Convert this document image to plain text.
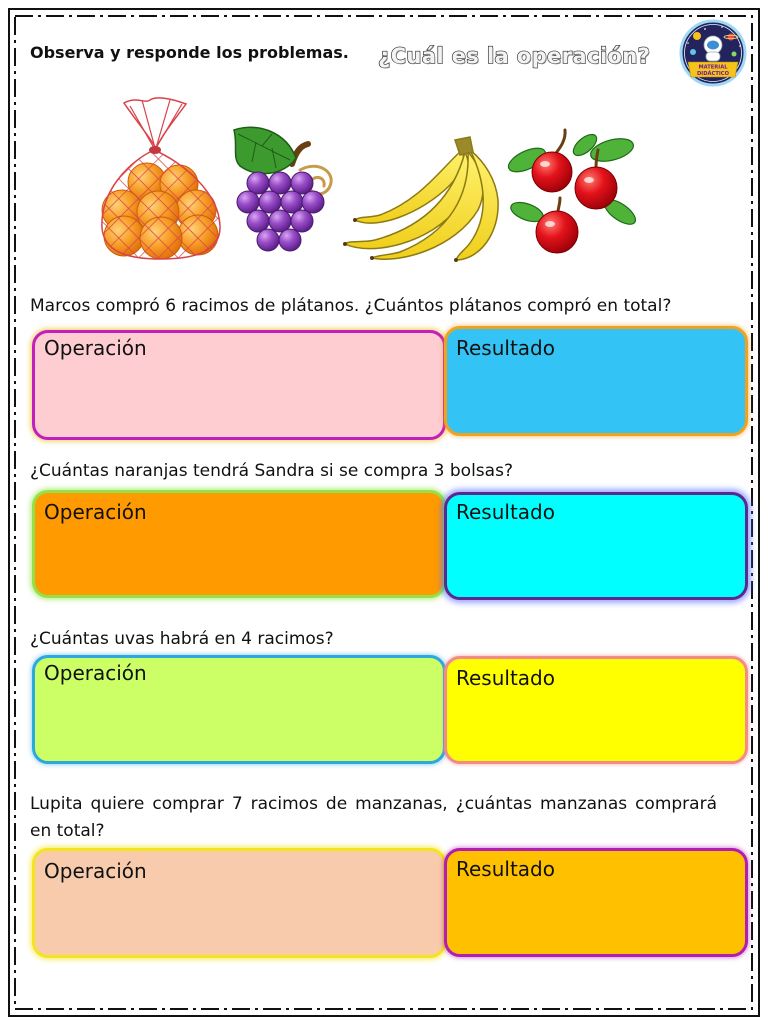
Observa y responde los problemas. ¿Cuál es la operación?	MATERIAL
DIDÁCTICO
Marcos compró 6 racimos de plátanos. ¿Cuántos plátanos compró en total?
Operación	Resultado
¿Cuántas naranjas tendrá Sandra si se compra 3 bolsas?
Operación	Resultado
¿Cuántas uvas habrá en 4 racimos?
Operación	Resultado
Lupita quiere comprar 7 racimos de manzanas, ¿cuántas manzanas comprará
en total?
Operación	Resultado
